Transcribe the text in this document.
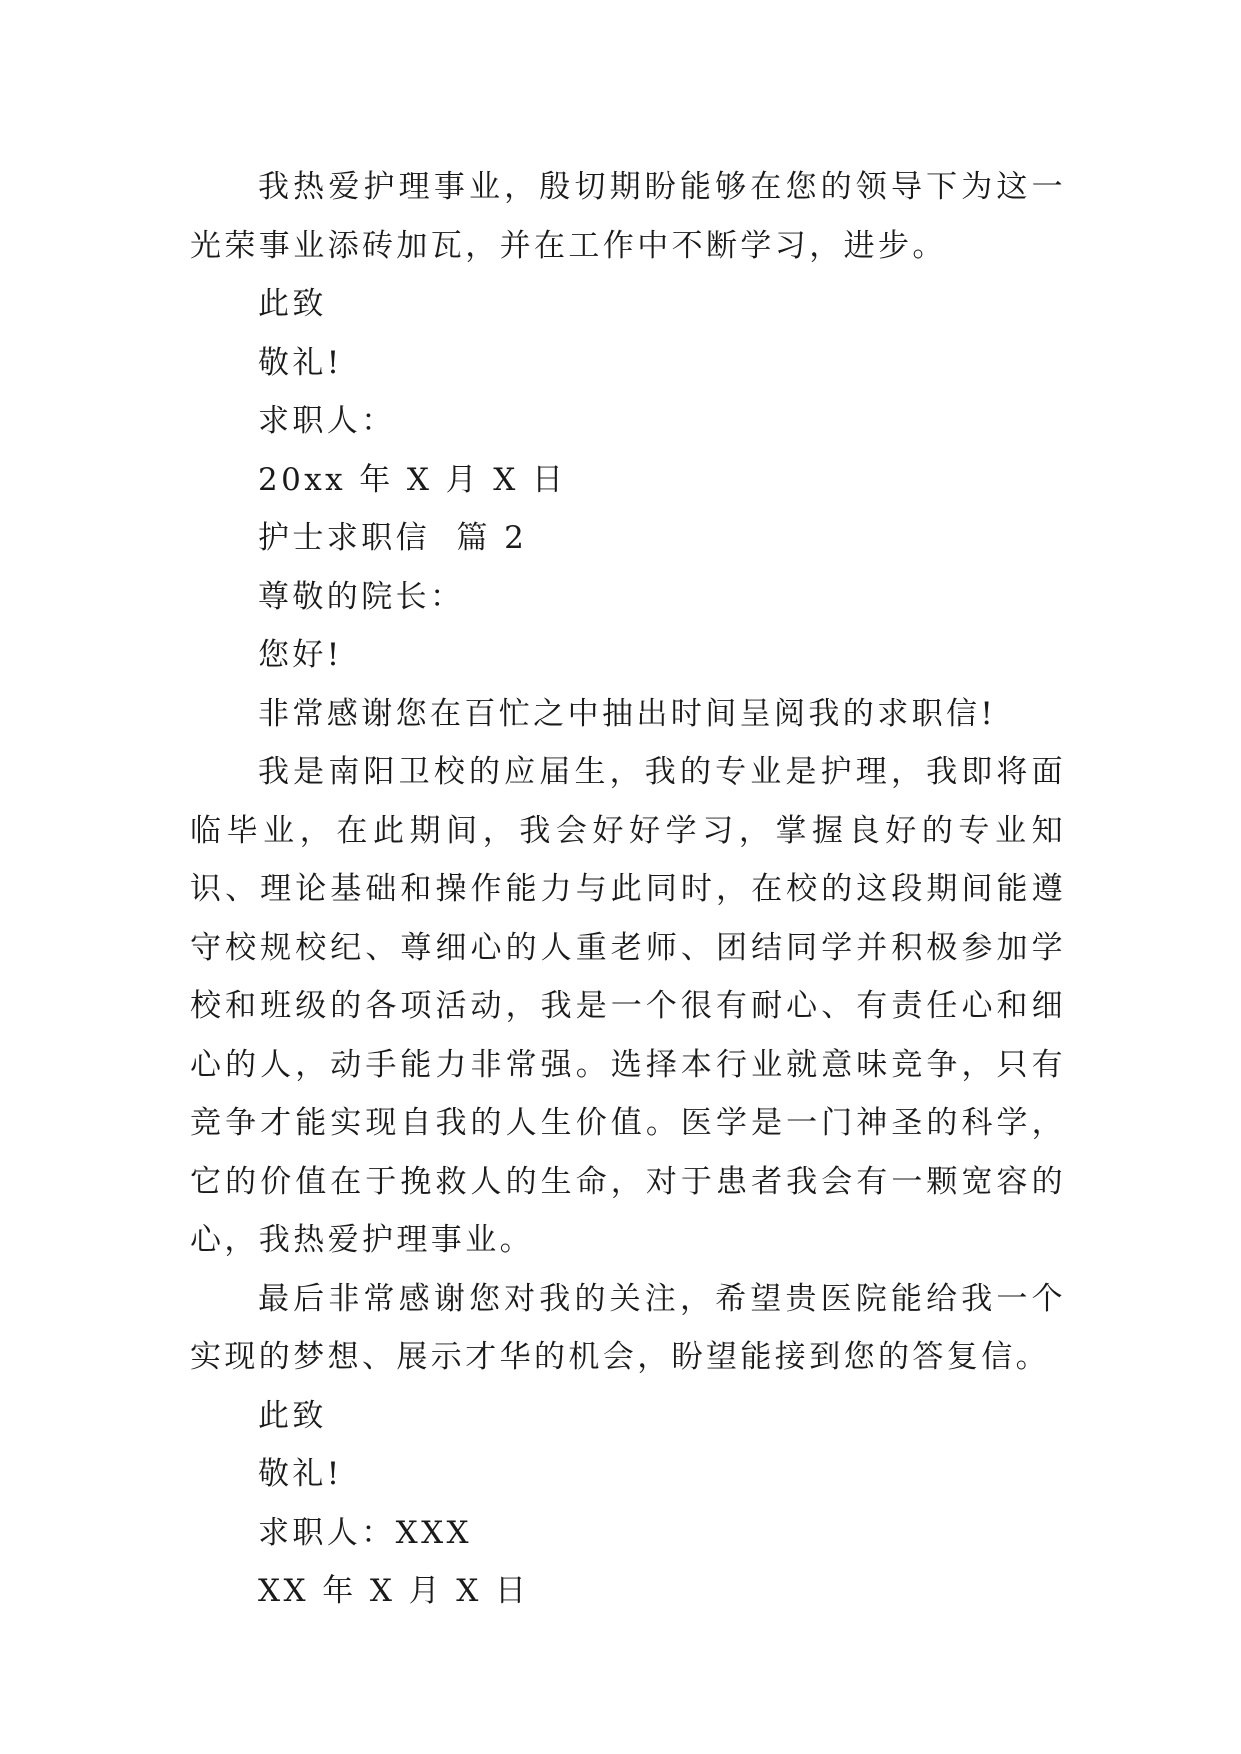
我热爱护理事业，殷切期盼能够在您的领导下为这一光荣事业添砖加瓦，并在工作中不断学习，进步。

此致

敬礼!

求职人：

20xx 年 X 月 X 日

护士求职信  篇 2

尊敬的院长：

您好!

非常感谢您在百忙之中抽出时间呈阅我的求职信!

我是南阳卫校的应届生，我的专业是护理，我即将面临毕业，在此期间，我会好好学习，掌握良好的专业知识、理论基础和操作能力与此同时，在校的这段期间能遵守校规校纪、尊细心的人重老师、团结同学并积极参加学校和班级的各项活动，我是一个很有耐心、有责任心和细心的人，动手能力非常强。选择本行业就意味竞争，只有竞争才能实现自我的人生价值。医学是一门神圣的科学，它的价值在于挽救人的生命，对于患者我会有一颗宽容的心，我热爱护理事业。

最后非常感谢您对我的关注，希望贵医院能给我一个实现的梦想、展示才华的机会，盼望能接到您的答复信。

此致

敬礼!

求职人：XXX

XX 年 X 月 X 日
